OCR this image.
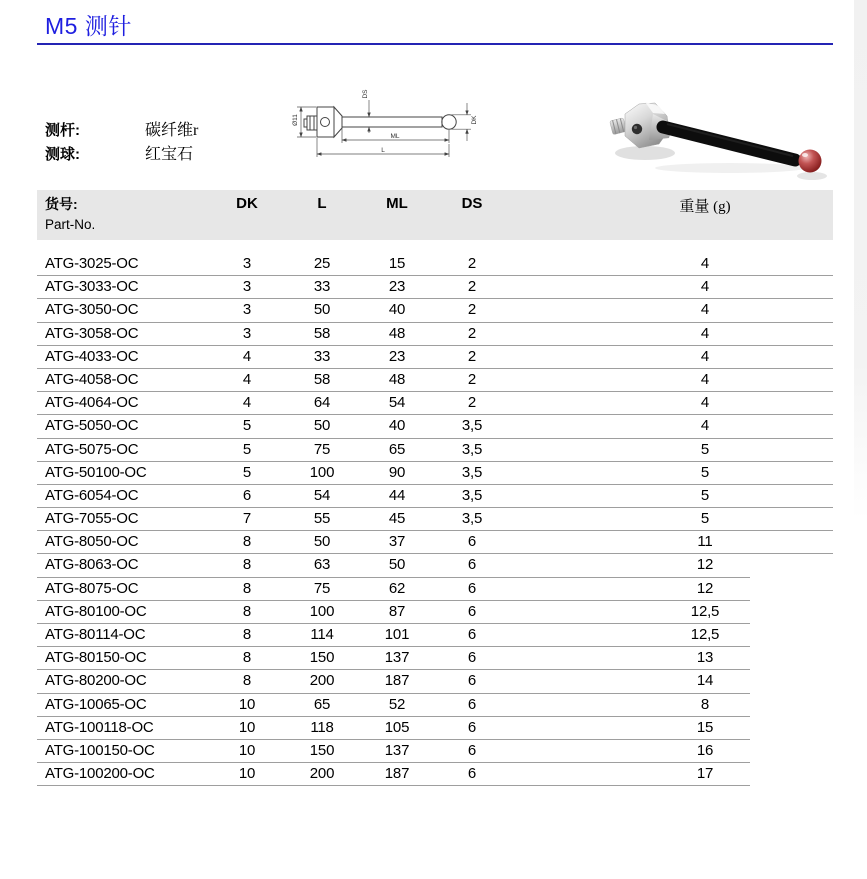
M5 测针
测杆:	碳纤维r
测球:	红宝石
Ø11
DS
DK
ML
L
货号:
Part-No.
DK	L	ML	DS	重量 (g)
ATG-3025-OC	3	25	15	2	4
ATG-3033-OC	3	33	23	2	4
ATG-3050-OC	3	50	40	2	4
ATG-3058-OC	3	58	48	2	4
ATG-4033-OC	4	33	23	2	4
ATG-4058-OC	4	58	48	2	4
ATG-4064-OC	4	64	54	2	4
ATG-5050-OC	5	50	40	3,5	4
ATG-5075-OC	5	75	65	3,5	5
ATG-50100-OC	5	100	90	3,5	5
ATG-6054-OC	6	54	44	3,5	5
ATG-7055-OC	7	55	45	3,5	5
ATG-8050-OC	8	50	37	6	11
ATG-8063-OC	8	63	50	6	12
ATG-8075-OC	8	75	62	6	12
ATG-80100-OC	8	100	87	6	12,5
ATG-80114-OC	8	114	101	6	12,5
ATG-80150-OC	8	150	137	6	13
ATG-80200-OC	8	200	187	6	14
ATG-10065-OC	10	65	52	6	8
ATG-100118-OC	10	118	105	6	15
ATG-100150-OC	10	150	137	6	16
ATG-100200-OC	10	200	187	6	17
